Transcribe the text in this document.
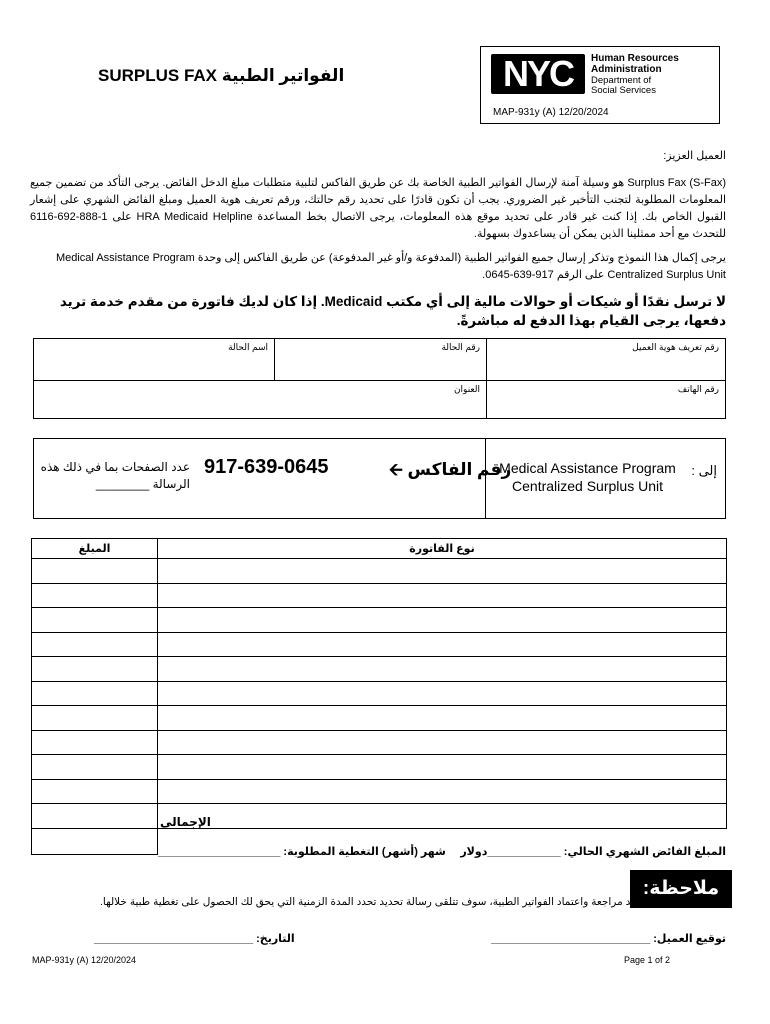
الفواتير الطبية SURPLUS FAX	NYC	Human Resources
Administration
Department of
Social Services
MAP-931y (A) 12/20/2024
العميل العزيز:
Surplus Fax (S-Fax) هو وسيلة آمنة لإرسال الفواتير الطبية الخاصة بك عن طريق الفاكس لتلبية متطلبات مبلغ الدخل الفائض. يرجى التأكد من تضمين جميع المعلومات المطلوبة لتجنب التأخير غير الضروري. يجب أن تكون قادرًا على تحديد رقم حالتك، ورقم تعريف هوية العميل ومبلغ الفائض الشهري على إشعار القبول الخاص بك. إذا كنت غير قادر على تحديد موقع هذه المعلومات، يرجى الاتصال بخط المساعدة HRA Medicaid Helpline على 1-888-692-6116 للتحدث مع أحد ممثلينا الذين يمكن أن يساعدوك بسهولة.
يرجى إكمال هذا النموذج وتذكر إرسال جميع الفواتير الطبية (المدفوعة و/أو غير المدفوعة) عن طريق الفاكس إلى وحدة Medical Assistance Program Centralized Surplus Unit على الرقم 917-639-0645.
لا ترسل نقدًا أو شيكات أو حوالات مالية إلى أي مكتب Medicaid. إذا كان لديك فاتورة من مقدم خدمة تريد دفعها، يرجى القيام بهذا الدفع له مباشرةً.
اسم الحالة	رقم الحالة	رقم تعريف هوية العميل
العنوان		رقم الهاتف
إلى :
Medical Assistance Program
Centralized Surplus Unit
رقم الفاكس 🡨
917-639-0645
عدد الصفحات بما في ذلك هذه الرسالة ________
المبلغ	نوع الفاتورة

الإجمالي
المبلغ الفائض الشهري الحالي: ____________دولار
شهر (أشهر) التغطية المطلوبة: ____________________
ملاحظة:
عند مراجعة واعتماد الفواتير الطبية، سوف تتلقى رسالة تحديد تحدد المدة الزمنية التي يحق لك الحصول على تغطية طبية خلالها.
توقيع العميل: __________________________
التاريخ: __________________________
MAP-931y (A) 12/20/2024	Page 1 of 2
